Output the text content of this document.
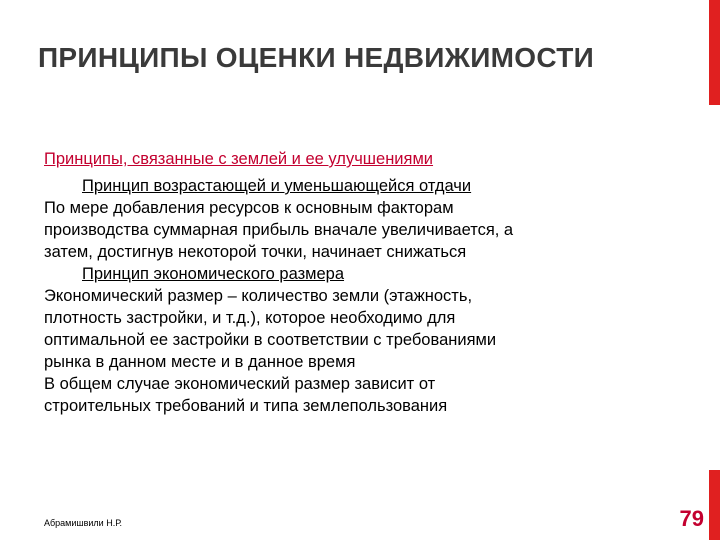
ПРИНЦИПЫ ОЦЕНКИ НЕДВИЖИМОСТИ
Принципы, связанные с землей и ее улучшениями
Принцип возрастающей и уменьшающейся отдачи
По мере добавления ресурсов к основным факторам
производства суммарная прибыль вначале увеличивается, а
затем, достигнув некоторой точки, начинает снижаться
Принцип экономического размера
Экономический размер – количество земли (этажность,
плотность застройки, и т.д.), которое необходимо для
оптимальной ее застройки в соответствии с требованиями
рынка в данном месте и в данное время
В общем случае экономический размер зависит от
строительных требований и типа землепользования
Абрамишвили Н.Р.	79
